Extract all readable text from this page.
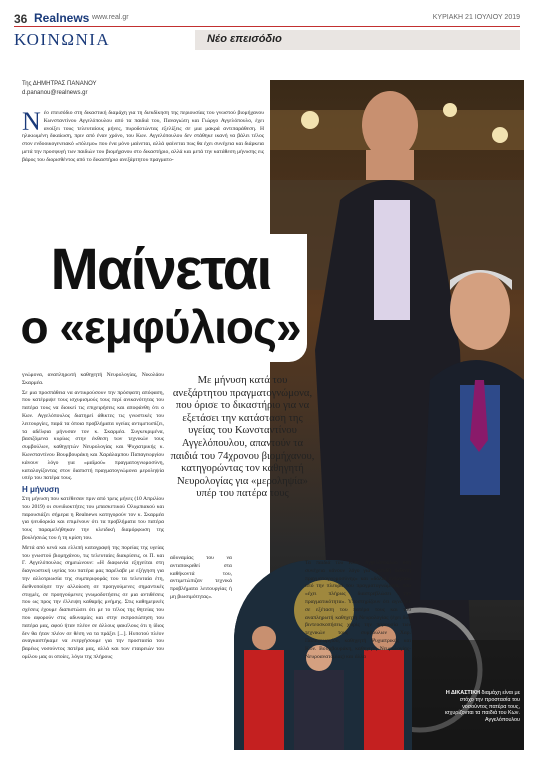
36 Realnews www.real.gr	ΚΥΡΙΑΚΗ 21 ΙΟΥΛΙΟΥ 2019
ΚΟΙΝΩΝΙΑ	Νέο επεισόδιο
Της ΔΗΜΗΤΡΑΣ ΠΑΝΑΝΟΥ
d.pananou@realnews.gr
Ν έο επεισόδιο στη δικαστική διαμάχη για τη διεκδίκηση της περιουσίας του γνωστού βιομήχανου Κωνσταντίνου Αγγελόπουλου από τα παιδιά του, Παναγιώτη και Γιώργο Αγγελόπουλο, έχει ανοίξει τους τελευταίους μήνες, πυροδοτώντας εξελίξεις σε μια μακρά αντιπαράθεση. Η ηλικιωμένη δικαίωση, πριν από έναν χρόνο, του Κων. Αγγελόπουλου δεν στάθηκε ικανή να βάλει τέλος στον ενδοοικογενειακό «πόλεμο» που ένα μόνο μαίνεται, αλλά φαίνεται πως θα έχει συνέχεια και διάρκεια μετά την προσφυγή των παιδιών του βιομήχανου στο δικαστήριο, αλλά και μετά την κατάθεση μήνυσης εις βάρος του διορισθέντος από το δικαστήριο ανεξάρτητου πραγματο-
Μαίνεται
ο «εμφύλιος»

γνώμονα, αναπληρωτή καθηγητή Νευρολογίας, Νικολάου Σκαρμέα.

Σε μια προσπάθεια να αντικρούσουν την πρόσφατη απόφαση, που κατέρριψε τους ισχυρισμούς τους περί ανικανότητας του πατέρα τους να διοικεί τις επιχειρήσεις και αποφάνθη ότι ο Κων. Αγγελόπουλος διατηρεί άθικτες τις γνωστικές του λειτουργίες, παρά τα όποια προβλήματα υγείας αντιμετωπίζει, τα αδέλφια μήνυσαν τον κ. Σκαρμέα. Συγκεκριμένα, βασιζόμενα κυρίως στην έκθεση των τεχνικών τους συμβούλων, καθηγητών Νευρολογίας και Ψυχιατρικής κ. Κωνσταντίνου Βουμβουράκη και Χαράλαμπου Παπαγεωργίου κάνουν λόγο για «μαϊμού» πραγματογνωμοσύνη, καταλογίζοντας στον διαπιστή πραγματογνώμονα μεροληψία υπέρ του πατέρα τους.

Η μήνυση

Στη μήνυση που κατέθεσαν πριν από τρεις μήνες (10 Απριλίου του 2019) οι συνιδιοκτήτες του μπασκετικού Ολυμπιακού και παρουσιάζει σήμερα η Realnews κατηγορούν τον κ. Σκαρμέα για ψευδορκία και επιμένουν ότι τα προβλήματα του πατέρα τους παραμελήθηκαν την κλειδική διαμόρφωση της βουλήσεώς του ή τη κρίση του.

Μετά από κενά και ελλιπή καταγραφή της πορείας της υγείας του γνωστού βιομηχάνου, τις τελευταίες διακρίσεις, οι Π. και Γ. Αγγελόπουλος σημειώνουν: «Η διαφωνία εξηγείται στη διαγνωστική υγείας του πατέρα μας παρέλαβε με εξήγηση για την αλλοτριωσία της συμπεριφοράς του τα τελευταία έτη, διεθνοποίησε την αλλοίωση σε προηγούμενες σημαντικές στιγμές, σε προηγούμενες γνωμοδοτήσεις σε μια αντιθέσεις που ως προς την έλλειψη καθαρής μνήμης. Στις καθημερινές σχέσεις έχουμε διαπιστώσει ότι με το τέλος της θητείας του που αφορούν στις αδυναμίες και στην εκπροσώπηση του πατέρα μας, αφού ήταν πλέον σε άλλους φακέλους ότι η ίδιος δεν θα ήταν πλέον σε θέση να τα πράξει [...]. Ηυποτού πλέον αναγκαστήκαμε να ενεργήσουμε για την προστασία του βαρέως νοσούντος πατέρα μας, αλλά και των εταιρειών του ομίλου μας οι οποίες, λόγω της πλήρους

Με μήνυση κατά του ανεξάρτητου πραγματογνώμονα, που όρισε το δικαστήριο για να εξετάσει την κατάσταση της υγείας του Κωνσταντίνου Αγγελόπουλου, απαντούν τα παιδιά του 74χρονου βιομήχανου, κατηγορώντας τον καθηγητή Νευρολογίας για «μεροληψία» υπέρ του πατέρα τους

αδυναμίας του να ανταποκριθεί στα καθήκοντά του, αντιμετώπιζαν τεχνικά προβλήματα λειτουργίας ή μη βιωσιμότητας».

Τα παιδιά του Κων. Αγγελόπουλου στη συνέχεια κάνουν λόγο για «ψευδή έκθεση πραγματογνωμοσύνης» και «δόλια ενέργεια» από την πλευρά του πραγματογνώμονα, που «έχει πλήρως διαστρεβλώσει την πραγματικότητα». Υποστηρίζουν ότι αγνόησε σε εξέταση του πατέρα τους και του αναπληρωτή καθηγητή Νευρολογίας (έχει δύο βιντεοσκοπήσεις χωρίς την παρουσία των τεχνικών τους συμβούλων Χαρ. Παπαγεωργίου, καθηγητή Ψυχιατρικής και Κων. Βουμβουράκη, καθηγητή Νευρολογίας-Νευροανατομίας) και άλλα

Η ΔΙΚΑΣΤΙΚΗ διαμάχη είναι με στόχο την προστασία του νοσούντος πατέρα τους, ισχυρίζονται τα παιδιά του Κων. Αγγελόπουλου
